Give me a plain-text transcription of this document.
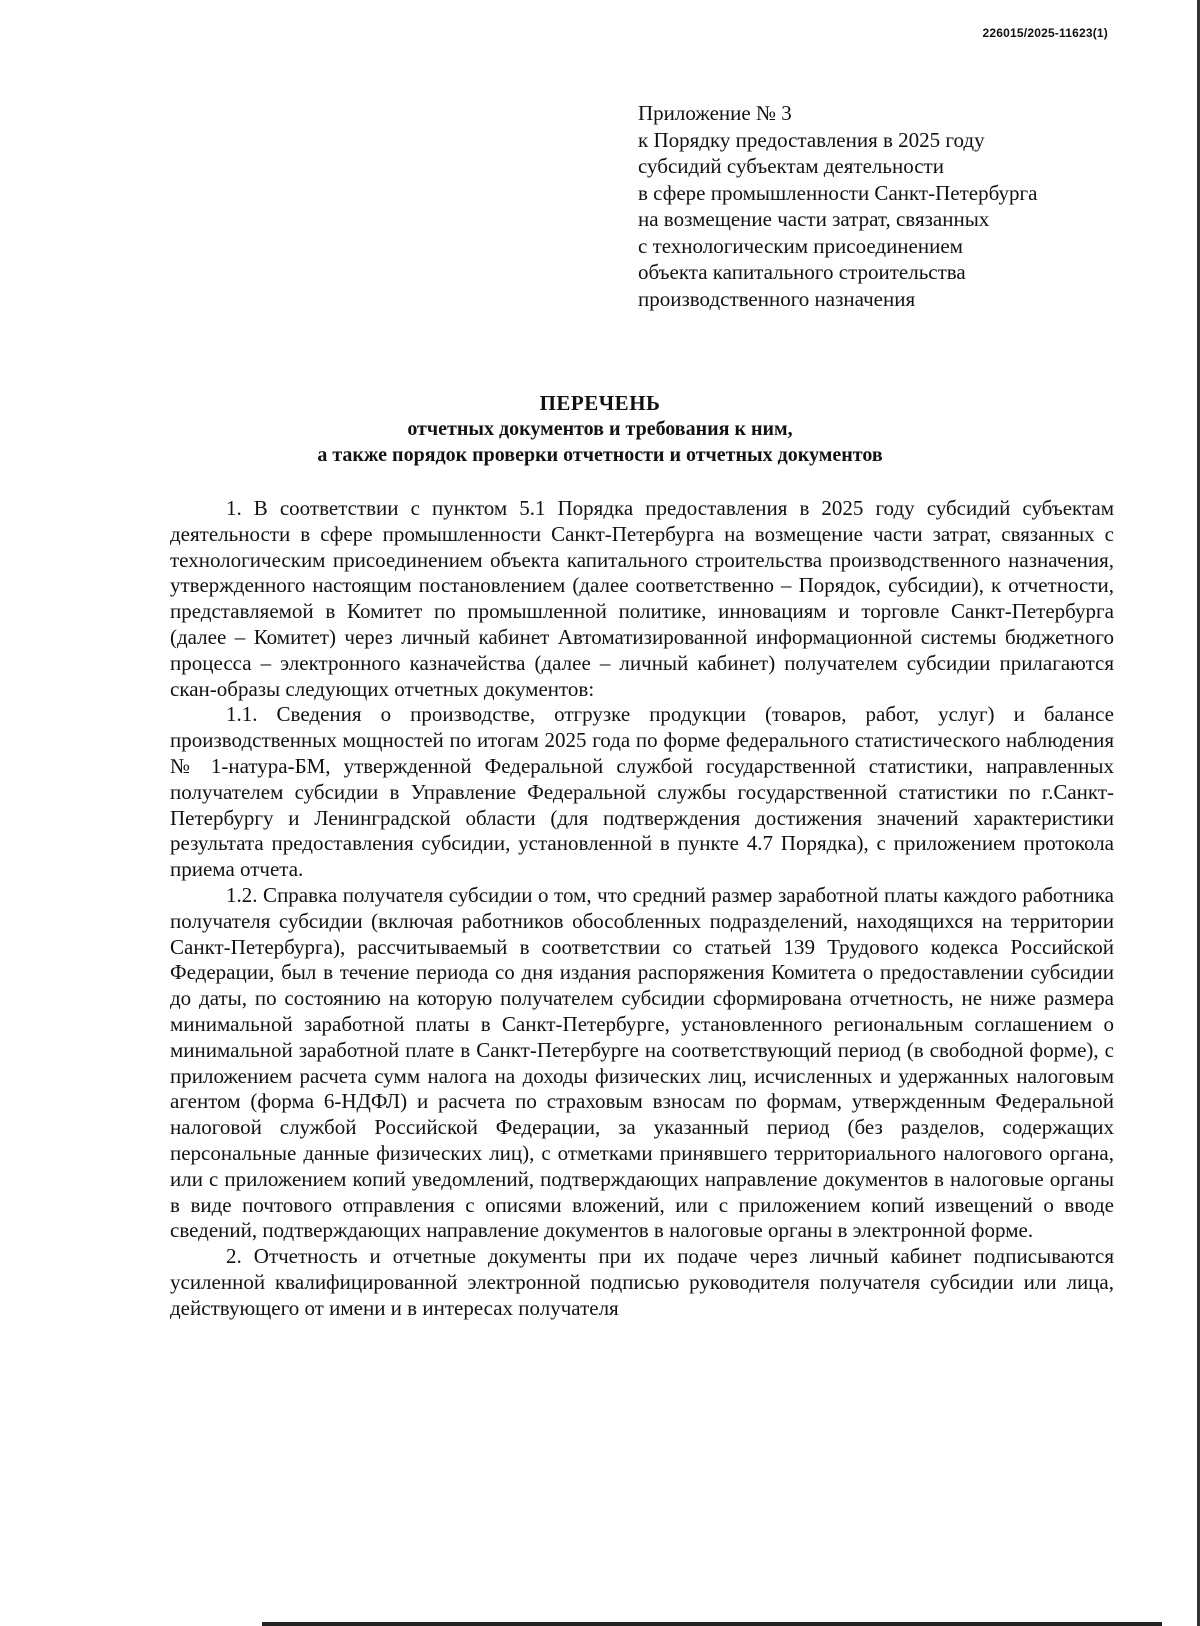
226015/2025-11623(1)
Приложение № 3
к Порядку предоставления в 2025 году
субсидий субъектам деятельности
в сфере промышленности Санкт-Петербурга
на возмещение части затрат, связанных
с технологическим присоединением
объекта капитального строительства
производственного назначения
ПЕРЕЧЕНЬ
отчетных документов и требования к ним,
а также порядок проверки отчетности и отчетных документов

1. В соответствии с пунктом 5.1 Порядка предоставления в 2025 году субсидий субъектам деятельности в сфере промышленности Санкт-Петербурга на возмещение части затрат, связанных с технологическим присоединением объекта капитального строительства производственного назначения, утвержденного настоящим постановлением (далее соответственно – Порядок, субсидии), к отчетности, представляемой в Комитет по промышленной политике, инновациям и торговле Санкт-Петербурга (далее – Комитет) через личный кабинет Автоматизированной информационной системы бюджетного процесса – электронного казначейства (далее – личный кабинет) получателем субсидии прилагаются скан-образы следующих отчетных документов:

1.1. Сведения о производстве, отгрузке продукции (товаров, работ, услуг) и балансе производственных мощностей по итогам 2025 года по форме федерального статистического наблюдения № 1-натура-БМ, утвержденной Федеральной службой государственной статистики, направленных получателем субсидии в Управление Федеральной службы государственной статистики по г.Санкт-Петербургу и Ленинградской области (для подтверждения достижения значений характеристики результата предоставления субсидии, установленной в пункте 4.7 Порядка), с приложением протокола приема отчета.

1.2. Справка получателя субсидии о том, что средний размер заработной платы каждого работника получателя субсидии (включая работников обособленных подразделений, находящихся на территории Санкт-Петербурга), рассчитываемый в соответствии со статьей 139 Трудового кодекса Российской Федерации, был в течение периода со дня издания распоряжения Комитета о предоставлении субсидии до даты, по состоянию на которую получателем субсидии сформирована отчетность, не ниже размера минимальной заработной платы в Санкт-Петербурге, установленного региональным соглашением о минимальной заработной плате в Санкт-Петербурге на соответствующий период (в свободной форме), с приложением расчета сумм налога на доходы физических лиц, исчисленных и удержанных налоговым агентом (форма 6-НДФЛ) и расчета по страховым взносам по формам, утвержденным Федеральной налоговой службой Российской Федерации, за указанный период (без разделов, содержащих персональные данные физических лиц), с отметками принявшего территориального налогового органа, или с приложением копий уведомлений, подтверждающих направление документов в налоговые органы в виде почтового отправления с описями вложений, или с приложением копий извещений о вводе сведений, подтверждающих направление документов в налоговые органы в электронной форме.

2. Отчетность и отчетные документы при их подаче через личный кабинет подписываются усиленной квалифицированной электронной подписью руководителя получателя субсидии или лица, действующего от имени и в интересах получателя
